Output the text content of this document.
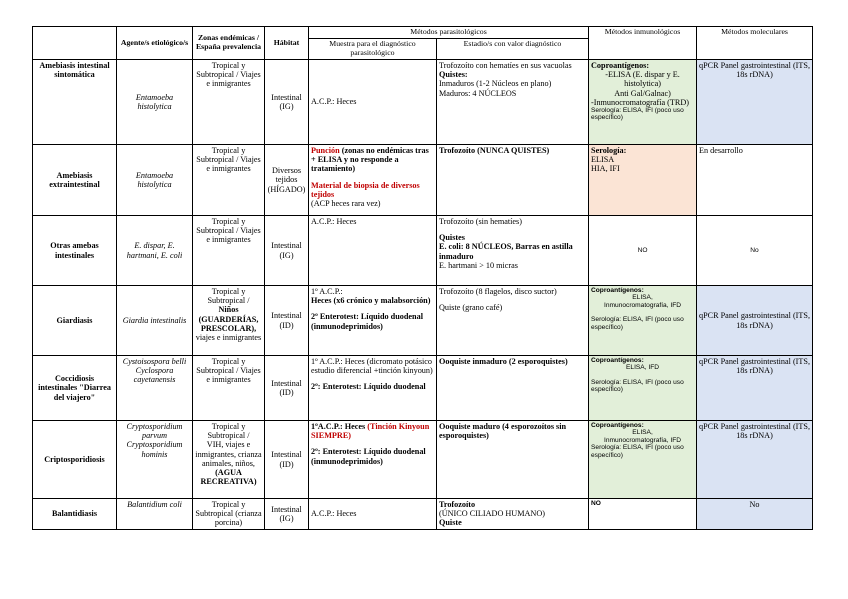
	Agente/s etiológico/s	Zonas endémicas / España prevalencia	Hábitat	Métodos parasitológicos		Métodos inmunológicos	Métodos moleculares
				Muestra para el diagnóstico parasitológico	Estadio/s con valor diagnóstico		
Amebiasis intestinal sintomática	Entamoeba histolytica	Tropical y Subtropical / Viajes e inmigrantes	Intestinal (IG)	A.C.P.: Heces	Trofozoíto con hematíes en sus vacuolas
Quistes:
Inmaduros (1-2 Núcleos en plano)
Maduros: 4 NÚCLEOS	Coproantígenos:
-ELISA (E. dispar y E. histolytica)
Anti Gal/Galnac)
-Inmunocromatografía (TRD)
Serología: ELISA, IFI (poco uso específico)	qPCR Panel gastrointestinal (ITS, 18s rDNA)
Amebiasis extraintestinal	Entamoeba histolytica	Tropical y Subtropical / Viajes e inmigrantes	Diversos tejidos (HÍGADO)	Punción (zonas no endémicas tras + ELISA y no responde a tratamiento)
Material de biopsia de diversos tejidos
(ACP heces rara vez)	Trofozoíto (NUNCA QUISTES)	Serología:
ELISA
HIA, IFI	En desarrollo
Otras amebas intestinales	E. dispar, E. hartmani, E. coli	Tropical y Subtropical / Viajes e inmigrantes	Intestinal (IG)	A.C.P.: Heces	Trofozoíto (sin hematíes)
Quistes
E. coli: 8 NÚCLEOS, Barras en astilla inmaduro
E. hartmani > 10 micras	NO	No
Giardiasis	Giardia intestinalis	Tropical y Subtropical /
Niños (GUARDERÍAS, PRESCOLAR),
viajes e inmigrantes	Intestinal (ID)	1º A.C.P.:
Heces (x6 crónico y malabsorción)
2º Enterotest: Líquido duodenal (inmunodeprimidos)	Trofozoíto (8 flagelos, disco suctor)
Quiste (grano café)	Coproantígenos:
ELISA,
Inmunocromatografía, IFD
Serología: ELISA, IFI (poco uso específico)	qPCR Panel gastrointestinal (ITS, 18s rDNA)
Coccidiosis intestinales "Diarrea del viajero"	Cystoisospora belli
Cyclospora cayetanensis	Tropical y Subtropical / Viajes e inmigrantes	Intestinal (ID)	1º A.C.P.: Heces (dicromato potásico estudio diferencial +tinción kinyoun)
2º: Enterotest: Líquido duodenal	Ooquiste inmaduro (2 esporoquistes)	Coproantígenos:
ELISA, IFD
Serología: ELISA, IFI (poco uso específico)	qPCR Panel gastrointestinal (ITS, 18s rDNA)
Criptosporidiosis	Cryptosporidium parvum
Cryptosporidium hominis	Tropical y Subtropical /
VIH, viajes e inmigrantes, crianza animales, niños,
(AGUA RECREATIVA)	Intestinal (ID)	1ºA.C.P.: Heces (Tinción Kinyoun SIEMPRE)
2º: Enterotest: Líquido duodenal (inmunodeprimidos)	Ooquiste maduro (4 esporozoítos sin esporoquistes)	Coproantígenos:
ELISA,
Inmunocromatografía, IFD
Serología: ELISA, IFI (poco uso específico)	qPCR Panel gastrointestinal (ITS, 18s rDNA)
Balantidiasis	Balantidium coli	Tropical y Subtropical (crianza porcina)	Intestinal (IG)	A.C.P.: Heces	Trofozoíto
(ÚNICO CILIADO HUMANO)
Quiste	NO	No
